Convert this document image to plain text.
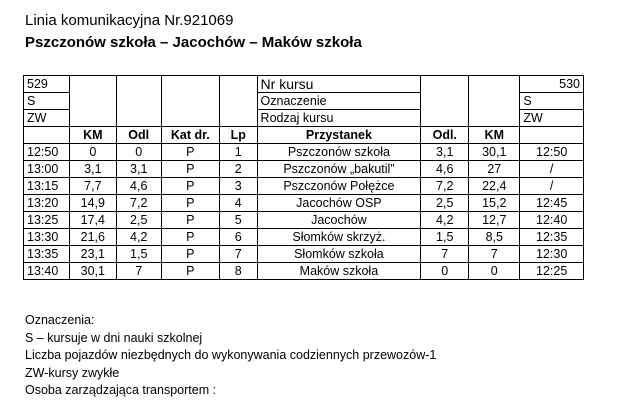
Linia komunikacyjna Nr.921069
Pszczonów szkoła – Jacochów – Maków szkoła
529					Nr kursu			530
S					Oznaczenie			S
ZW					Rodzaj kursu			ZW
	KM	Odl	Kat dr.	Lp	Przystanek	Odl.	KM	
12:50	0	0	P	1	Pszczonów szkoła	3,1	30,1	12:50
13:00	3,1	3,1	P	2	Pszczonów „bakutil”	4,6	27	/
13:15	7,7	4,6	P	3	Pszczonów Połężce	7,2	22,4	/
13:20	14,9	7,2	P	4	Jacochów OSP	2,5	15,2	12:45
13:25	17,4	2,5	P	5	Jacochów	4,2	12,7	12:40
13:30	21,6	4,2	P	6	Słomków skrzyż.	1,5	8,5	12:35
13:35	23,1	1,5	P	7	Słomków szkoła	7	7	12:30
13:40	30,1	7	P	8	Maków szkoła	0	0	12:25
Oznaczenia:
S – kursuje w dni nauki szkolnej
Liczba pojazdów niezbędnych do wykonywania codziennych przewozów-1
ZW-kursy zwykłe
Osoba zarządzająca transportem :
